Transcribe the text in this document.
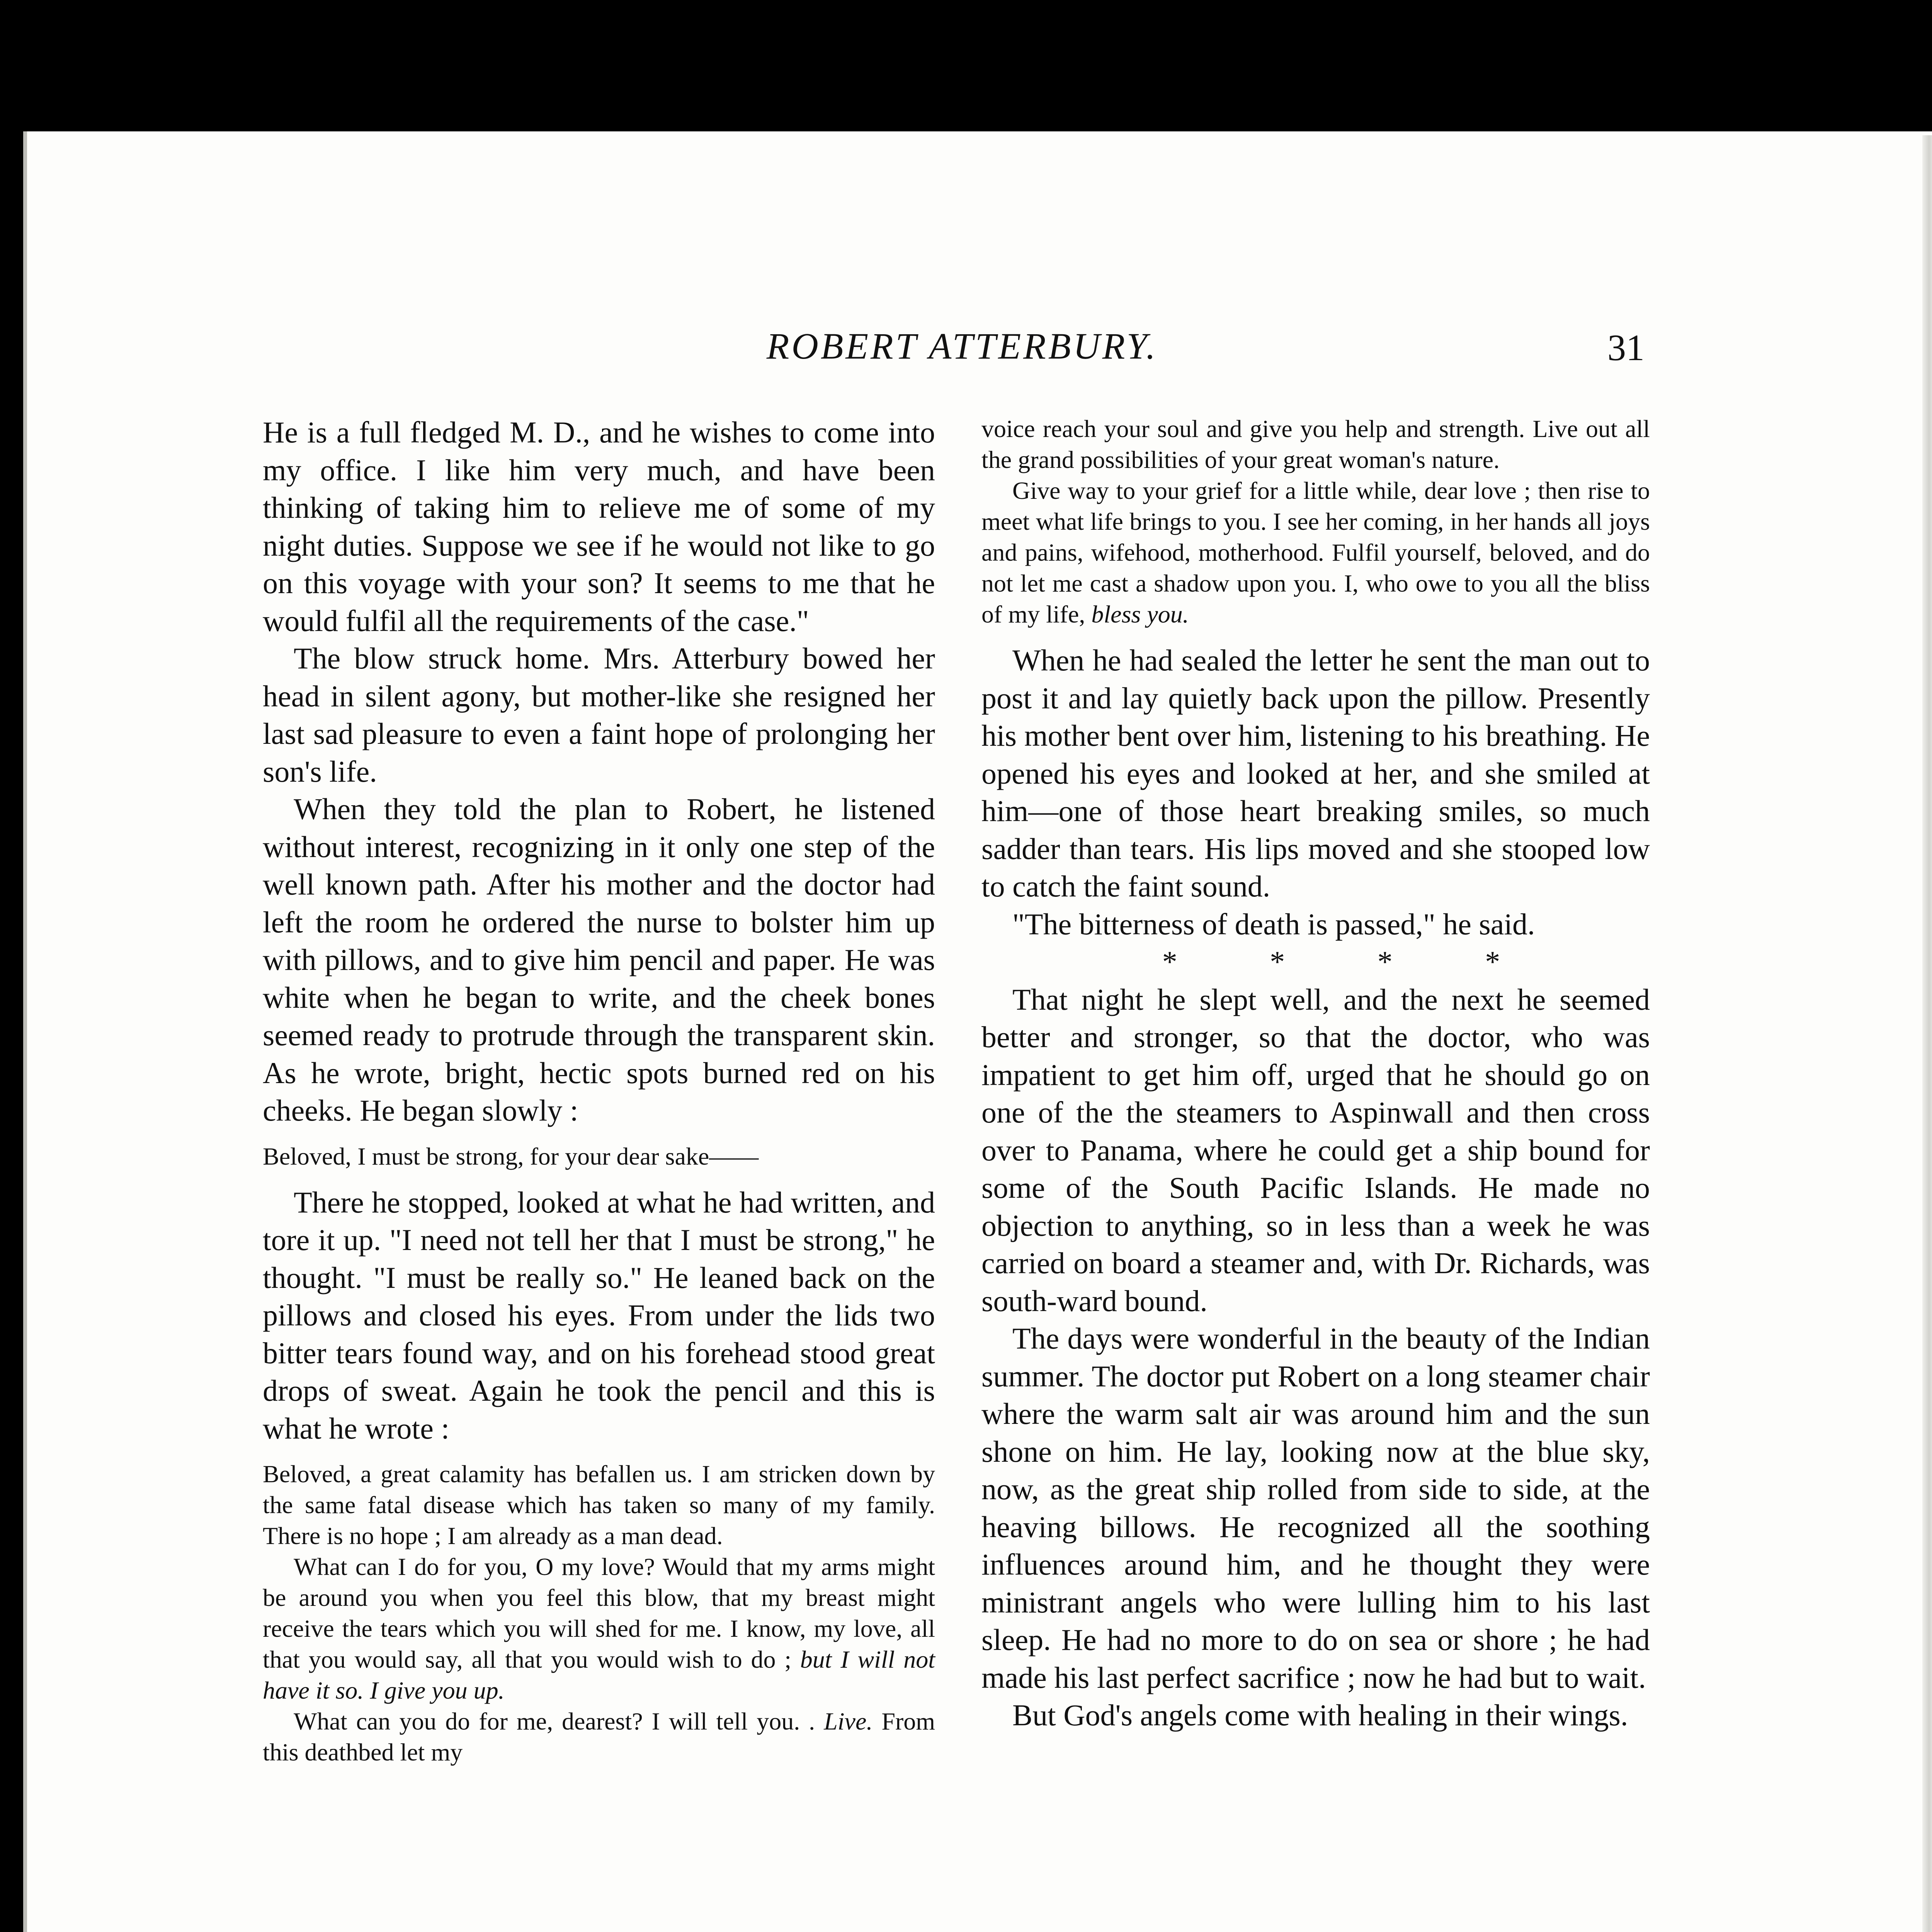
ROBERT ATTERBURY.	31

He is a full fledged M. D., and he wishes to come into my office. I like him very much, and have been thinking of taking him to relieve me of some of my night duties. Suppose we see if he would not like to go on this voyage with your son? It seems to me that he would fulfil all the requirements of the case."

The blow struck home. Mrs. Atterbury bowed her head in silent agony, but mother-like she resigned her last sad pleasure to even a faint hope of prolonging her son's life.

When they told the plan to Robert, he listened without interest, recognizing in it only one step of the well known path. After his mother and the doctor had left the room he ordered the nurse to bolster him up with pillows, and to give him pencil and paper. He was white when he began to write, and the cheek bones seemed ready to protrude through the transparent skin. As he wrote, bright, hectic spots burned red on his cheeks. He began slowly :

Beloved, I must be strong, for your dear sake——

There he stopped, looked at what he had written, and tore it up. "I need not tell her that I must be strong," he thought. "I must be really so." He leaned back on the pillows and closed his eyes. From under the lids two bitter tears found way, and on his forehead stood great drops of sweat. Again he took the pencil and this is what he wrote :

Beloved, a great calamity has befallen us. I am stricken down by the same fatal disease which has taken so many of my family. There is no hope ; I am already as a man dead.

What can I do for you, O my love? Would that my arms might be around you when you feel this blow, that my breast might receive the tears which you will shed for me. I know, my love, all that you would say, all that you would wish to do ; but I will not have it so. I give you up.

What can you do for me, dearest? I will tell you. . Live. From this deathbed let my

voice reach your soul and give you help and strength. Live out all the grand possibilities of your great woman's nature.

Give way to your grief for a little while, dear love ; then rise to meet what life brings to you. I see her coming, in her hands all joys and pains, wifehood, motherhood. Fulfil yourself, beloved, and do not let me cast a shadow upon you. I, who owe to you all the bliss of my life, bless you.

When he had sealed the letter he sent the man out to post it and lay quietly back upon the pillow. Presently his mother bent over him, listening to his breathing. He opened his eyes and looked at her, and she smiled at him—one of those heart breaking smiles, so much sadder than tears. His lips moved and she stooped low to catch the faint sound.

"The bitterness of death is passed," he said.

* * * *

That night he slept well, and the next he seemed better and stronger, so that the doctor, who was impatient to get him off, urged that he should go on one of the the steamers to Aspinwall and then cross over to Panama, where he could get a ship bound for some of the South Pacific Islands. He made no objection to anything, so in less than a week he was carried on board a steamer and, with Dr. Richards, was south-ward bound.

The days were wonderful in the beauty of the Indian summer. The doctor put Robert on a long steamer chair where the warm salt air was around him and the sun shone on him. He lay, looking now at the blue sky, now, as the great ship rolled from side to side, at the heaving billows. He recognized all the soothing influences around him, and he thought they were ministrant angels who were lulling him to his last sleep. He had no more to do on sea or shore ; he had made his last perfect sacrifice ; now he had but to wait.

But God's angels come with healing in their wings.
